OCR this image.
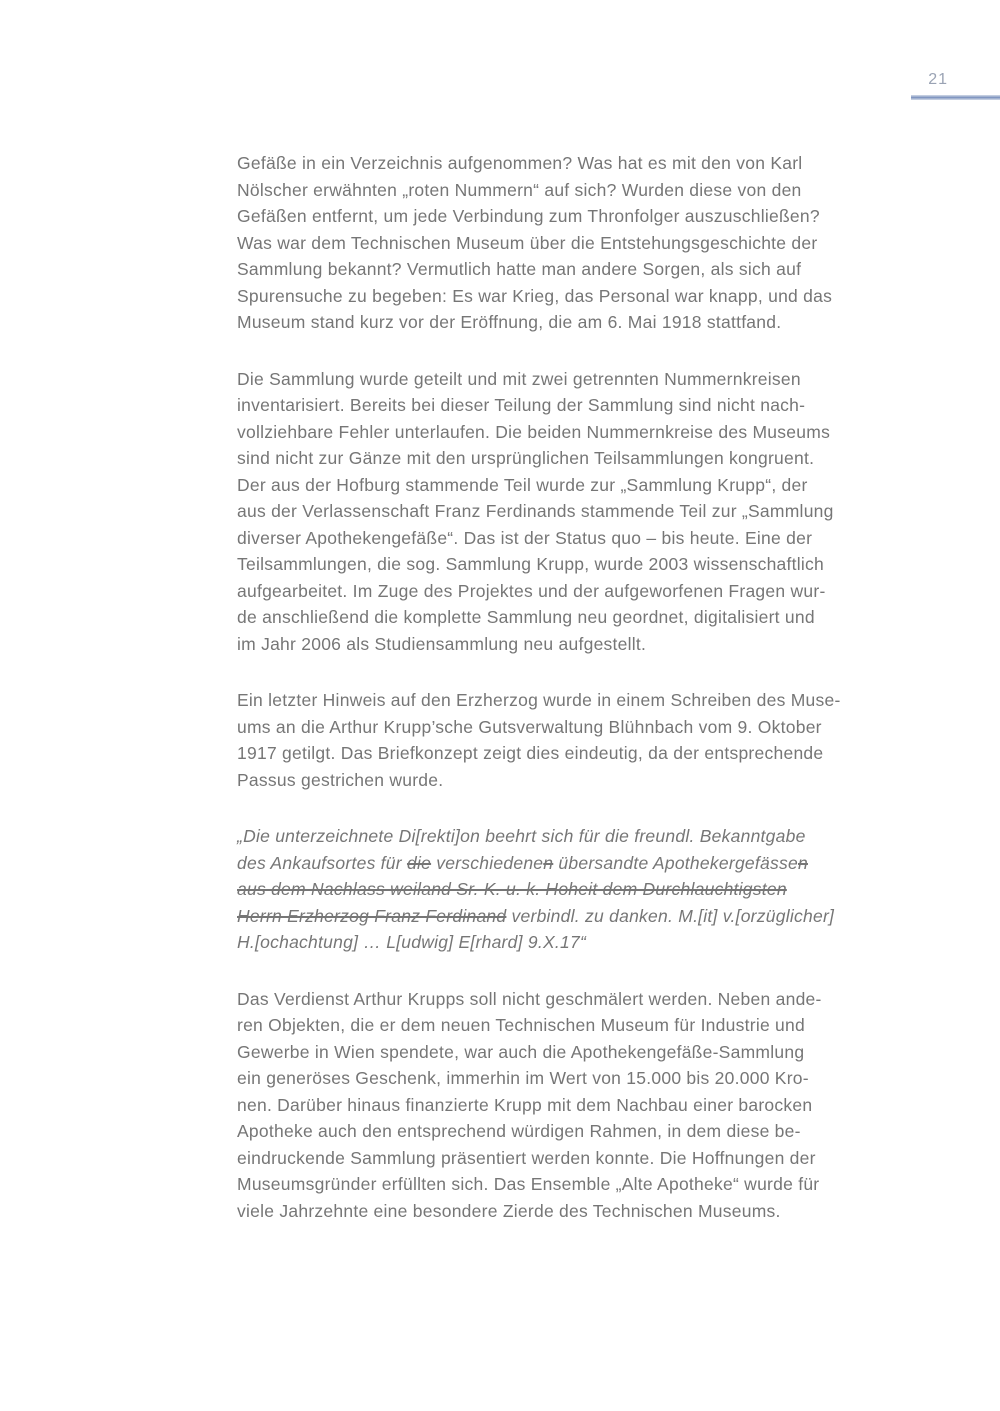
21

Gefäße in ein Verzeichnis aufgenommen? Was hat es mit den von Karl
Nölscher erwähnten „roten Nummern“ auf sich? Wurden diese von den
Gefäßen entfernt, um jede Verbindung zum Thronfolger auszuschließen?
Was war dem Technischen Museum über die Entstehungsgeschichte der
Sammlung bekannt? Vermutlich hatte man andere Sorgen, als sich auf
Spurensuche zu begeben: Es war Krieg, das Personal war knapp, und das
Museum stand kurz vor der Eröffnung, die am 6. Mai 1918 stattfand.

Die Sammlung wurde geteilt und mit zwei getrennten Nummernkreisen
inventarisiert. Bereits bei dieser Teilung der Sammlung sind nicht nach-
vollziehbare Fehler unterlaufen. Die beiden Nummernkreise des Museums
sind nicht zur Gänze mit den ursprünglichen Teilsammlungen kongruent.
Der aus der Hofburg stammende Teil wurde zur „Sammlung Krupp“, der
aus der Verlassenschaft Franz Ferdinands stammende Teil zur „Sammlung
diverser Apothekengefäße“. Das ist der Status quo – bis heute. Eine der
Teilsammlungen, die sog. Sammlung Krupp, wurde 2003 wissenschaftlich
aufgearbeitet. Im Zuge des Projektes und der aufgeworfenen Fragen wur-
de anschließend die komplette Sammlung neu geordnet, digitalisiert und
im Jahr 2006 als Studiensammlung neu aufgestellt.

Ein letzter Hinweis auf den Erzherzog wurde in einem Schreiben des Muse-
ums an die Arthur Krupp’sche Gutsverwaltung Blühnbach vom 9. Oktober
1917 getilgt. Das Briefkonzept zeigt dies eindeutig, da der entsprechende
Passus gestrichen wurde.

„Die unterzeichnete Di[rekti]on beehrt sich für die freundl. Bekanntgabe
des Ankaufsortes für die verschiedenen übersandte Apothekergefässen
aus dem Nachlass weiland Sr. K. u. k. Hoheit dem Durchlauchtigsten
Herrn Erzherzog Franz Ferdinand verbindl. zu danken. M.[it] v.[orzüglicher]
H.[ochachtung] … L[udwig] E[rhard] 9.X.17“

Das Verdienst Arthur Krupps soll nicht geschmälert werden. Neben ande-
ren Objekten, die er dem neuen Technischen Museum für Industrie und
Gewerbe in Wien spendete, war auch die Apothekengefäße-Sammlung
ein generöses Geschenk, immerhin im Wert von 15.000 bis 20.000 Kro-
nen. Darüber hinaus finanzierte Krupp mit dem Nachbau einer barocken
Apotheke auch den entsprechend würdigen Rahmen, in dem diese be-
eindruckende Sammlung präsentiert werden konnte. Die Hoffnungen der
Museumsgründer erfüllten sich. Das Ensemble „Alte Apotheke“ wurde für
viele Jahrzehnte eine besondere Zierde des Technischen Museums.
